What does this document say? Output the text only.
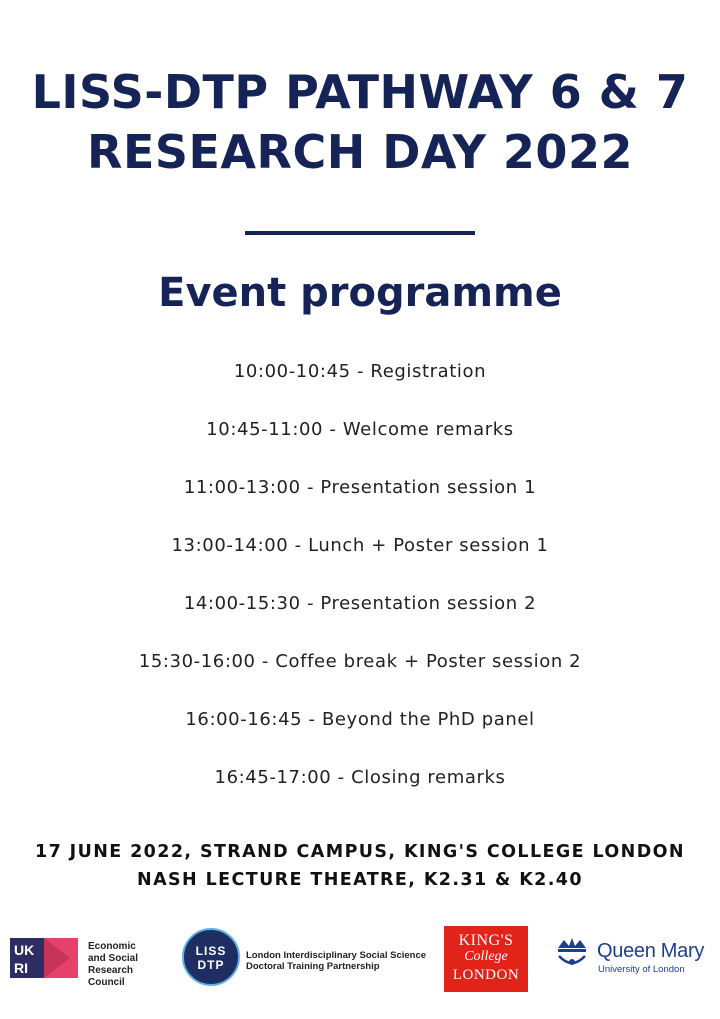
LISS-DTP PATHWAY 6 & 7
RESEARCH DAY 2022
Event programme
10:00-10:45 - Registration
10:45-11:00 - Welcome remarks
11:00-13:00 - Presentation session 1
13:00-14:00 - Lunch + Poster session 1
14:00-15:30 - Presentation session 2
15:30-16:00 - Coffee break + Poster session 2
16:00-16:45 - Beyond the PhD panel
16:45-17:00 - Closing remarks
17 JUNE 2022, STRAND CAMPUS, KING'S COLLEGE LONDON
NASH LECTURE THEATRE, K2.31 & K2.40
UK
RI
Economic
and Social
Research Council
LISS
DTP
London Interdisciplinary Social Science
Doctoral Training Partnership
KING'S
College
LONDON
Queen Mary
University of London
